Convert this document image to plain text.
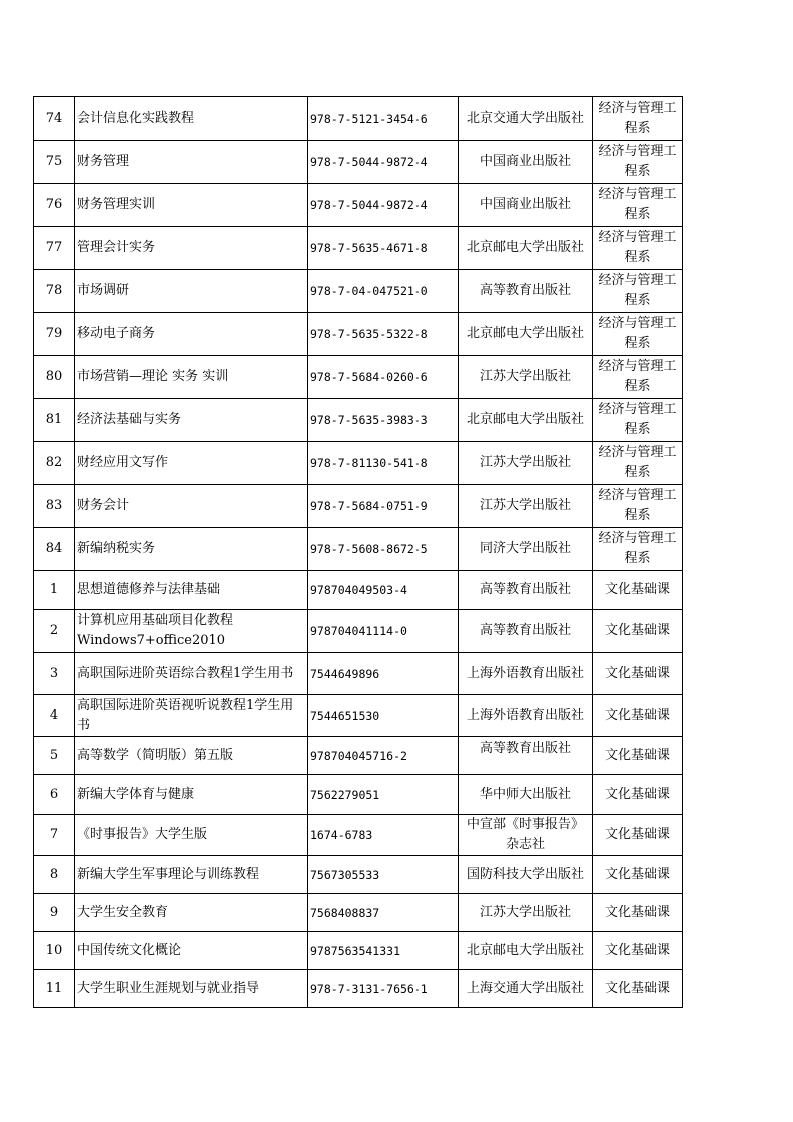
74	会计信息化实践教程	978-7-5121-3454-6	北京交通大学出版社	经济与管理工程系
75	财务管理	978-7-5044-9872-4	中国商业出版社	经济与管理工程系
76	财务管理实训	978-7-5044-9872-4	中国商业出版社	经济与管理工程系
77	管理会计实务	978-7-5635-4671-8	北京邮电大学出版社	经济与管理工程系
78	市场调研	978-7-04-047521-0	高等教育出版社	经济与管理工程系
79	移动电子商务	978-7-5635-5322-8	北京邮电大学出版社	经济与管理工程系
80	市场营销—理论 实务 实训	978-7-5684-0260-6	江苏大学出版社	经济与管理工程系
81	经济法基础与实务	978-7-5635-3983-3	北京邮电大学出版社	经济与管理工程系
82	财经应用文写作	978-7-81130-541-8	江苏大学出版社	经济与管理工程系
83	财务会计	978-7-5684-0751-9	江苏大学出版社	经济与管理工程系
84	新编纳税实务	978-7-5608-8672-5	同济大学出版社	经济与管理工程系
1	思想道德修养与法律基础	978704049503-4	高等教育出版社	文化基础课
2	计算机应用基础项目化教程Windows7+office2010	978704041114-0	高等教育出版社	文化基础课
3	高职国际进阶英语综合教程1学生用书	7544649896	上海外语教育出版社	文化基础课
4	高职国际进阶英语视听说教程1学生用书	7544651530	上海外语教育出版社	文化基础课
5	高等数学（简明版）第五版	978704045716-2	高等教育出版社	文化基础课
6	新编大学体育与健康	7562279051	华中师大出版社	文化基础课
7	《时事报告》大学生版	1674-6783	中宣部《时事报告》杂志社	文化基础课
8	新编大学生军事理论与训练教程	7567305533	国防科技大学出版社	文化基础课
9	大学生安全教育	7568408837	江苏大学出版社	文化基础课
10	中国传统文化概论	9787563541331	北京邮电大学出版社	文化基础课
11	大学生职业生涯规划与就业指导	978-7-3131-7656-1	上海交通大学出版社	文化基础课
